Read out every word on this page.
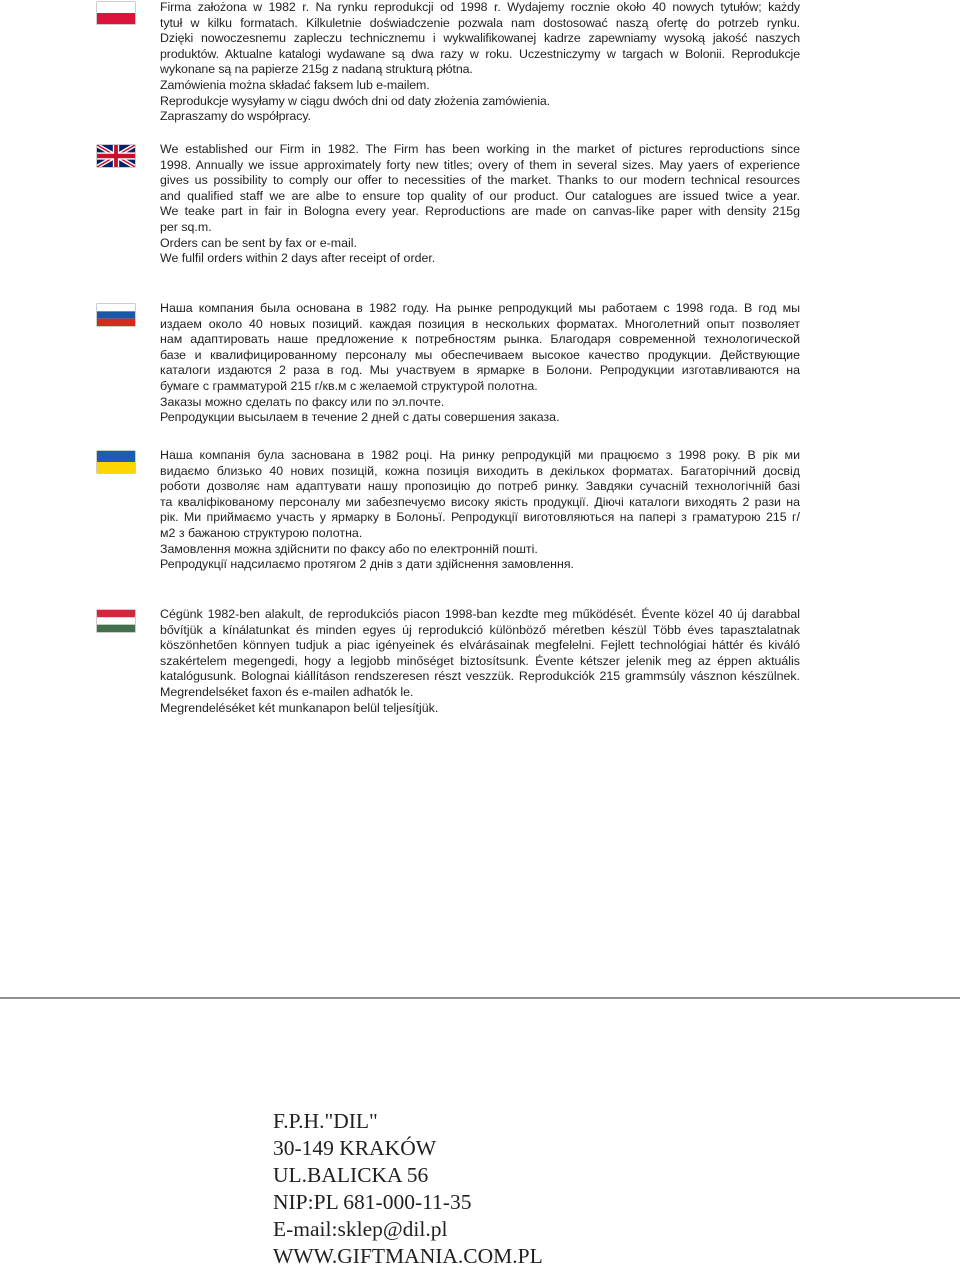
Firma założona w 1982 r. Na rynku reprodukcji od 1998 r. Wydajemy rocznie około 40 nowych tytułów; każdy

tytuł w kilku formatach. Kilkuletnie doświadczenie pozwala nam dostosować naszą ofertę do potrzeb rynku.

Dzięki nowoczesnemu zapleczu technicznemu i wykwalifikowanej kadrze zapewniamy wysoką jakość naszych

produktów. Aktualne katalogi wydawane są dwa razy w roku. Uczestniczymy w targach w Bolonii. Reprodukcje

wykonane są na papierze 215g z nadaną strukturą płótna.

Zamówienia można składać faksem lub e-mailem.

Reprodukcje wysyłamy w ciągu dwóch dni od daty złożenia zamówienia.

Zapraszamy do współpracy.

We established our Firm in 1982. The Firm has been working in the market of pictures reproductions since

1998. Annually we issue approximately forty new titles; overy of them in several sizes. May yaers of experience

gives us possibility to comply our offer to necessities of the market. Thanks to our modern technical resources

and qualified staff we are albe to ensure top quality of our product. Our catalogues are issued twice a year.

We teake part in fair in Bologna every year. Reproductions are made on canvas-like paper with density 215g

per sq.m.

Orders can be sent by fax or e-mail.

We fulfil orders within 2 days after receipt of order.

Наша компания была основана в 1982 году. На рынке репродукций мы работаем с 1998 года. В год мы

издаем около 40 новых позиций. каждая позиция в нескольких форматах. Многолетний опыт позволяет

нам адаптировать наше предложение к потребностям рынка. Благодаря современной технологической

базе и квалифицированному персоналу мы обеспечиваем высокое качество продукции. Действующие

каталоги издаются 2 раза в год. Мы участвуем в ярмарке в Болони. Репродукции изготавливаются на

бумаге с грамматурой 215 г/кв.м с желаемой структурой полотна.

Заказы можно сделать по факсу или по эл.почте.

Репродукции высылаем в течение 2 дней с даты совершения заказа.

Наша компанія була заснована в 1982 році. На ринку репродукцій ми працюємо з 1998 року. В рік ми

видаємо близько 40 нових позицій, кожна позиція виходить в декількох форматах. Багаторічний досвід

роботи дозволяє нам адаптувати нашу пропозицію до потреб ринку. Завдяки сучасній технологічній базі

та кваліфікованому персоналу ми забезпечуємо високу якість продукції. Діючі каталоги виходять 2 рази на

рік. Ми приймаємо участь у ярмарку в Болоньї. Репродукції виготовляються на папері з граматурою 215 г/

м2 з бажаною структурою полотна.

Замовлення можна здійснити по факсу або по електронній пошті.

Репродукції надсилаємо протягом 2 днів з дати здійснення замовлення.

Cégünk 1982-ben alakult, de reprodukciós piacon 1998-ban kezdte meg működését. Évente közel 40 új darabbal

bővítjük a kínálatunkat és minden egyes új reprodukció különböző méretben készül Több éves tapasztalatnak

köszönhetően könnyen tudjuk a piac igényeinek és elvárásainak megfelelni. Fejlett technológiai háttér és kiváló

szakértelem megengedi, hogy a legjobb minőséget biztosítsunk. Évente kétszer jelenik meg az éppen aktuális

katalógusunk. Bolognai kiállításon rendszeresen részt veszzük. Reprodukciók 215 grammsúly vásznon készülnek.

Megrendelséket faxon és e-mailen adhatók le.

Megrendeléséket két munkanapon belül teljesítjük.

F.P.H."DIL"
30-149 KRAKÓW
UL.BALICKA 56
NIP:PL 681-000-11-35
E-mail:sklep@dil.pl
WWW.GIFTMANIA.COM.PL
